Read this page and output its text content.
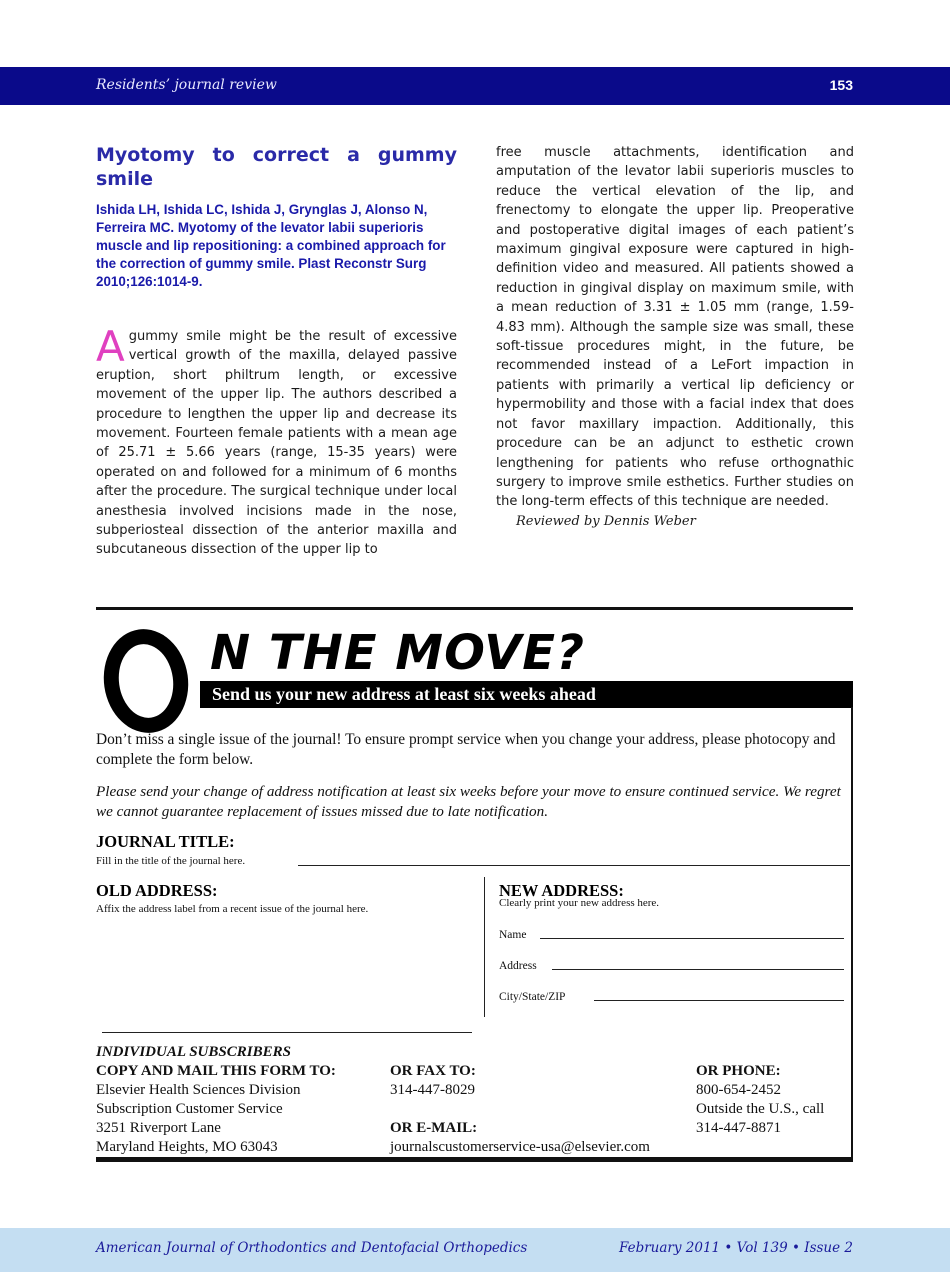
Residents’ journal review	153
Myotomy to correct a gummy smile

Ishida LH, Ishida LC, Ishida J, Grynglas J, Alonso N, Ferreira MC. Myotomy of the levator labii superioris muscle and lip repositioning: a combined approach for the correction of gummy smile. Plast Reconstr Surg 2010;126:1014-9.

Agummy smile might be the result of excessive vertical growth of the maxilla, delayed passive eruption, short philtrum length, or excessive movement of the upper lip. The authors described a procedure to lengthen the upper lip and decrease its movement. Fourteen female patients with a mean age of 25.71 ± 5.66 years (range, 15-35 years) were operated on and followed for a minimum of 6 months after the procedure. The surgical technique under local anesthesia involved incisions made in the nose, subperiosteal dissection of the anterior maxilla and subcutaneous dissection of the upper lip to

free muscle attachments, identification and amputation of the levator labii superioris muscles to reduce the vertical elevation of the lip, and frenectomy to elongate the upper lip. Preoperative and postoperative digital images of each patient’s maximum gingival exposure were captured in high-definition video and measured. All patients showed a reduction in gingival display on maximum smile, with a mean reduction of 3.31 ± 1.05 mm (range, 1.59-4.83 mm). Although the sample size was small, these soft-tissue procedures might, in the future, be recommended instead of a LeFort impaction in patients with primarily a vertical lip deficiency or hypermobility and those with a facial index that does not favor maxillary impaction. Additionally, this procedure can be an adjunct to esthetic crown lengthening for patients who refuse orthognathic surgery to improve smile esthetics. Further studies on the long-term effects of this technique are needed.

Reviewed by Dennis Weber

N THE MOVE?
Send us your new address at least six weeks ahead
Don’t miss a single issue of the journal! To ensure prompt service when you change your address, please photocopy and complete the form below.
Please send your change of address notification at least six weeks before your move to ensure continued service. We regret we cannot guarantee replacement of issues missed due to late notification.
JOURNAL TITLE:
Fill in the title of the journal here.
OLD ADDRESS:
Affix the address label from a recent issue of the journal here.
NEW ADDRESS:
Clearly print your new address here.
Name
Address
City/State/ZIP
INDIVIDUAL SUBSCRIBERS
COPY AND MAIL THIS FORM TO:
Elsevier Health Sciences Division
Subscription Customer Service
3251 Riverport Lane
Maryland Heights, MO 63043
OR FAX TO:
314-447-8029
OR E-MAIL:
journalscustomerservice-usa@elsevier.com
OR PHONE:
800-654-2452
Outside the U.S., call
314-447-8871
American Journal of Orthodontics and Dentofacial Orthopedics	February 2011 • Vol 139 • Issue 2
